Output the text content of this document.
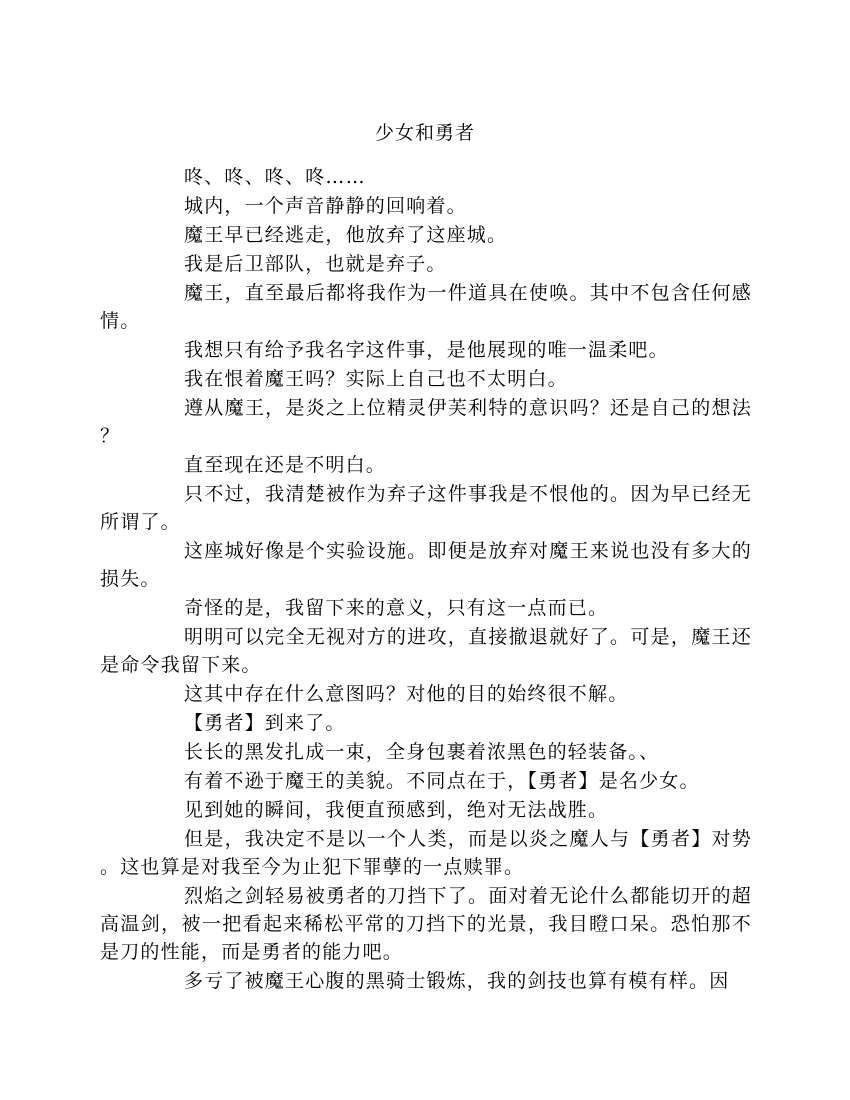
少女和勇者

咚、咚、咚、咚……

城内，一个声音静静的回响着。

魔王早已经逃走，他放弃了这座城。

我是后卫部队，也就是弃子。

魔王，直至最后都将我作为一件道具在使唤。其中不包含任何感情。

我想只有给予我名字这件事，是他展现的唯一温柔吧。

我在恨着魔王吗？实际上自己也不太明白。

遵从魔王，是炎之上位精灵伊芙利特的意识吗？还是自己的想法？

直至现在还是不明白。

只不过，我清楚被作为弃子这件事我是不恨他的。因为早已经无所谓了。

这座城好像是个实验设施。即便是放弃对魔王来说也没有多大的损失。

奇怪的是，我留下来的意义，只有这一点而已。

明明可以完全无视对方的进攻，直接撤退就好了。可是，魔王还是命令我留下来。

这其中存在什么意图吗？对他的目的始终很不解。

【勇者】到来了。

长长的黑发扎成一束，全身包裹着浓黑色的轻装备。、

有着不逊于魔王的美貌。不同点在于，【勇者】是名少女。

见到她的瞬间，我便直预感到，绝对无法战胜。

但是，我决定不是以一个人类，而是以炎之魔人与【勇者】对势。这也算是对我至今为止犯下罪孽的一点赎罪。

烈焰之剑轻易被勇者的刀挡下了。面对着无论什么都能切开的超高温剑，被一把看起来稀松平常的刀挡下的光景，我目瞪口呆。恐怕那不是刀的性能，而是勇者的能力吧。

多亏了被魔王心腹的黑骑士锻炼，我的剑技也算有模有样。因
